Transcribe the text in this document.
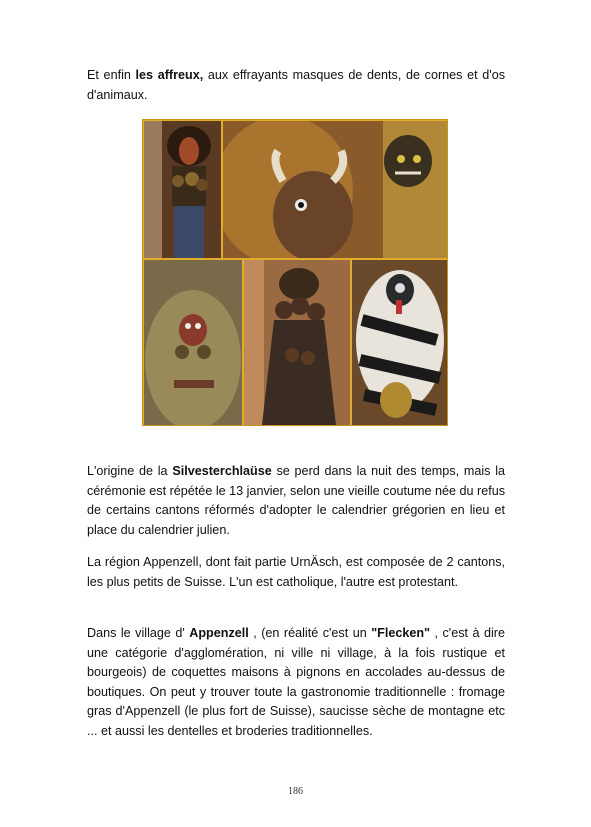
Et enfin les affreux, aux effrayants masques de dents, de cornes et d'os d'animaux.

L'origine de la Silvesterchlaüse se perd dans la nuit des temps, mais la cérémonie est répétée le 13 janvier, selon une vieille coutume née du refus de certains cantons réformés d'adopter le calendrier grégorien en lieu et place du calendrier julien.

La région Appenzell, dont fait partie UrnÄsch, est composée de 2 cantons, les plus petits de Suisse. L'un est catholique, l'autre est protestant.

Dans le village d' Appenzell , (en réalité c'est un "Flecken" , c'est à dire une catégorie d'agglomération, ni ville ni village, à la fois rustique et bourgeois) de coquettes maisons à pignons en accolades au-dessus de boutiques. On peut y trouver toute la gastronomie traditionnelle : fromage gras d'Appenzell (le plus fort de Suisse), saucisse sèche de montagne etc ... et aussi les dentelles et broderies traditionnelles.

186
